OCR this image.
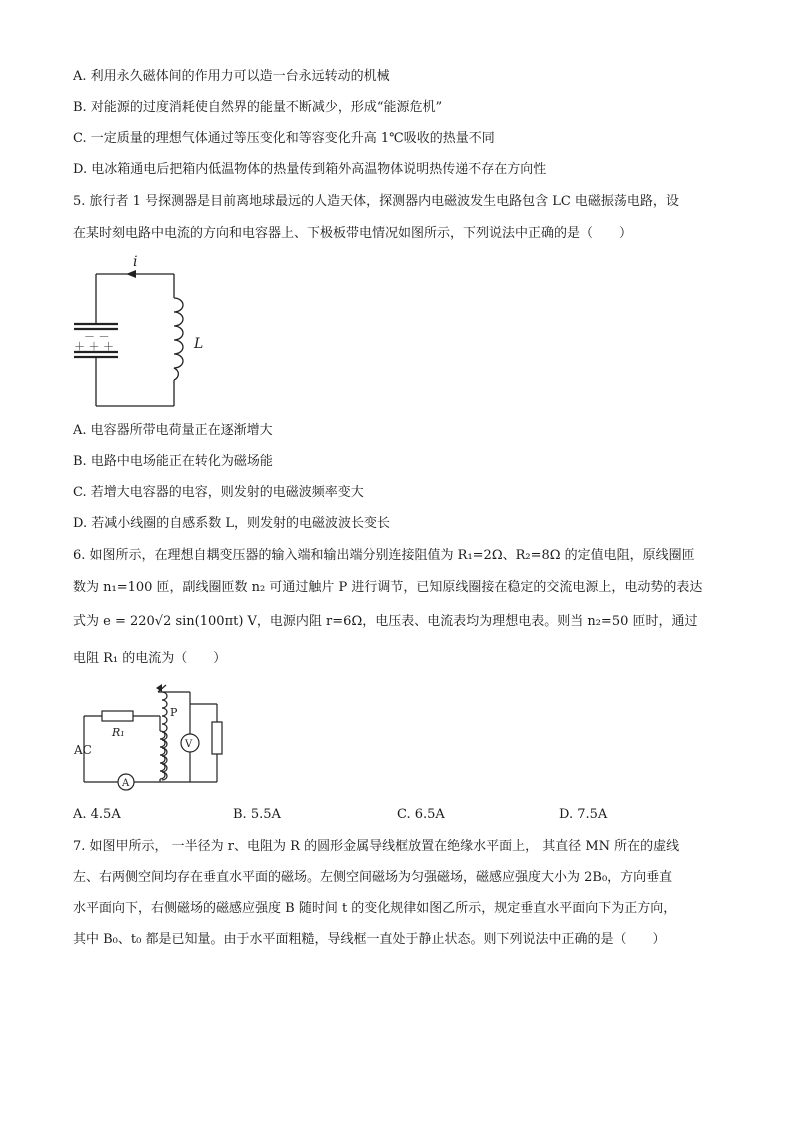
A. 利用永久磁体间的作用力可以造一台永远转动的机械
B. 对能源的过度消耗使自然界的能量不断减少，形成“能源危机”
C. 一定质量的理想气体通过等压变化和等容变化升高 1℃吸收的热量不同
D. 电冰箱通电后把箱内低温物体的热量传到箱外高温物体说明热传递不存在方向性
5. 旅行者 1 号探测器是目前离地球最远的人造天体，探测器内电磁波发生电路包含 LC 电磁振荡电路，设
在某时刻电路中电流的方向和电容器上、下极板带电情况如图所示，下列说法中正确的是（　　）
－ －
＋ ＋ ＋
i
L
A. 电容器所带电荷量正在逐渐增大
B. 电路中电场能正在转化为磁场能
C. 若增大电容器的电容，则发射的电磁波频率变大
D. 若减小线圈的自感系数 L，则发射的电磁波波长变长
6. 如图所示，在理想自耦变压器的输入端和输出端分别连接阻值为 R₁=2Ω、R₂=8Ω 的定值电阻，原线圈匝
数为 n₁=100 匝，副线圈匝数 n₂ 可通过触片 P 进行调节，已知原线圈接在稳定的交流电源上，电动势的表达
式为 e = 220√2 sin(100πt) V，电源内阻 r=6Ω，电压表、电流表均为理想电表。则当 n₂=50 匝时，通过
电阻 R₁ 的电流为（　　）
R₁
AC
A
V
P
A. 4.5A	B. 5.5A	C. 6.5A	D. 7.5A
7. 如图甲所示， 一半径为 r、电阻为 R 的圆形金属导线框放置在绝缘水平面上， 其直径 MN 所在的虚线
左、右两侧空间均存在垂直水平面的磁场。左侧空间磁场为匀强磁场，磁感应强度大小为 2B₀，方向垂直
水平面向下，右侧磁场的磁感应强度 B 随时间 t 的变化规律如图乙所示，规定垂直水平面向下为正方向，
其中 B₀、t₀ 都是已知量。由于水平面粗糙，导线框一直处于静止状态。则下列说法中正确的是（　　）
